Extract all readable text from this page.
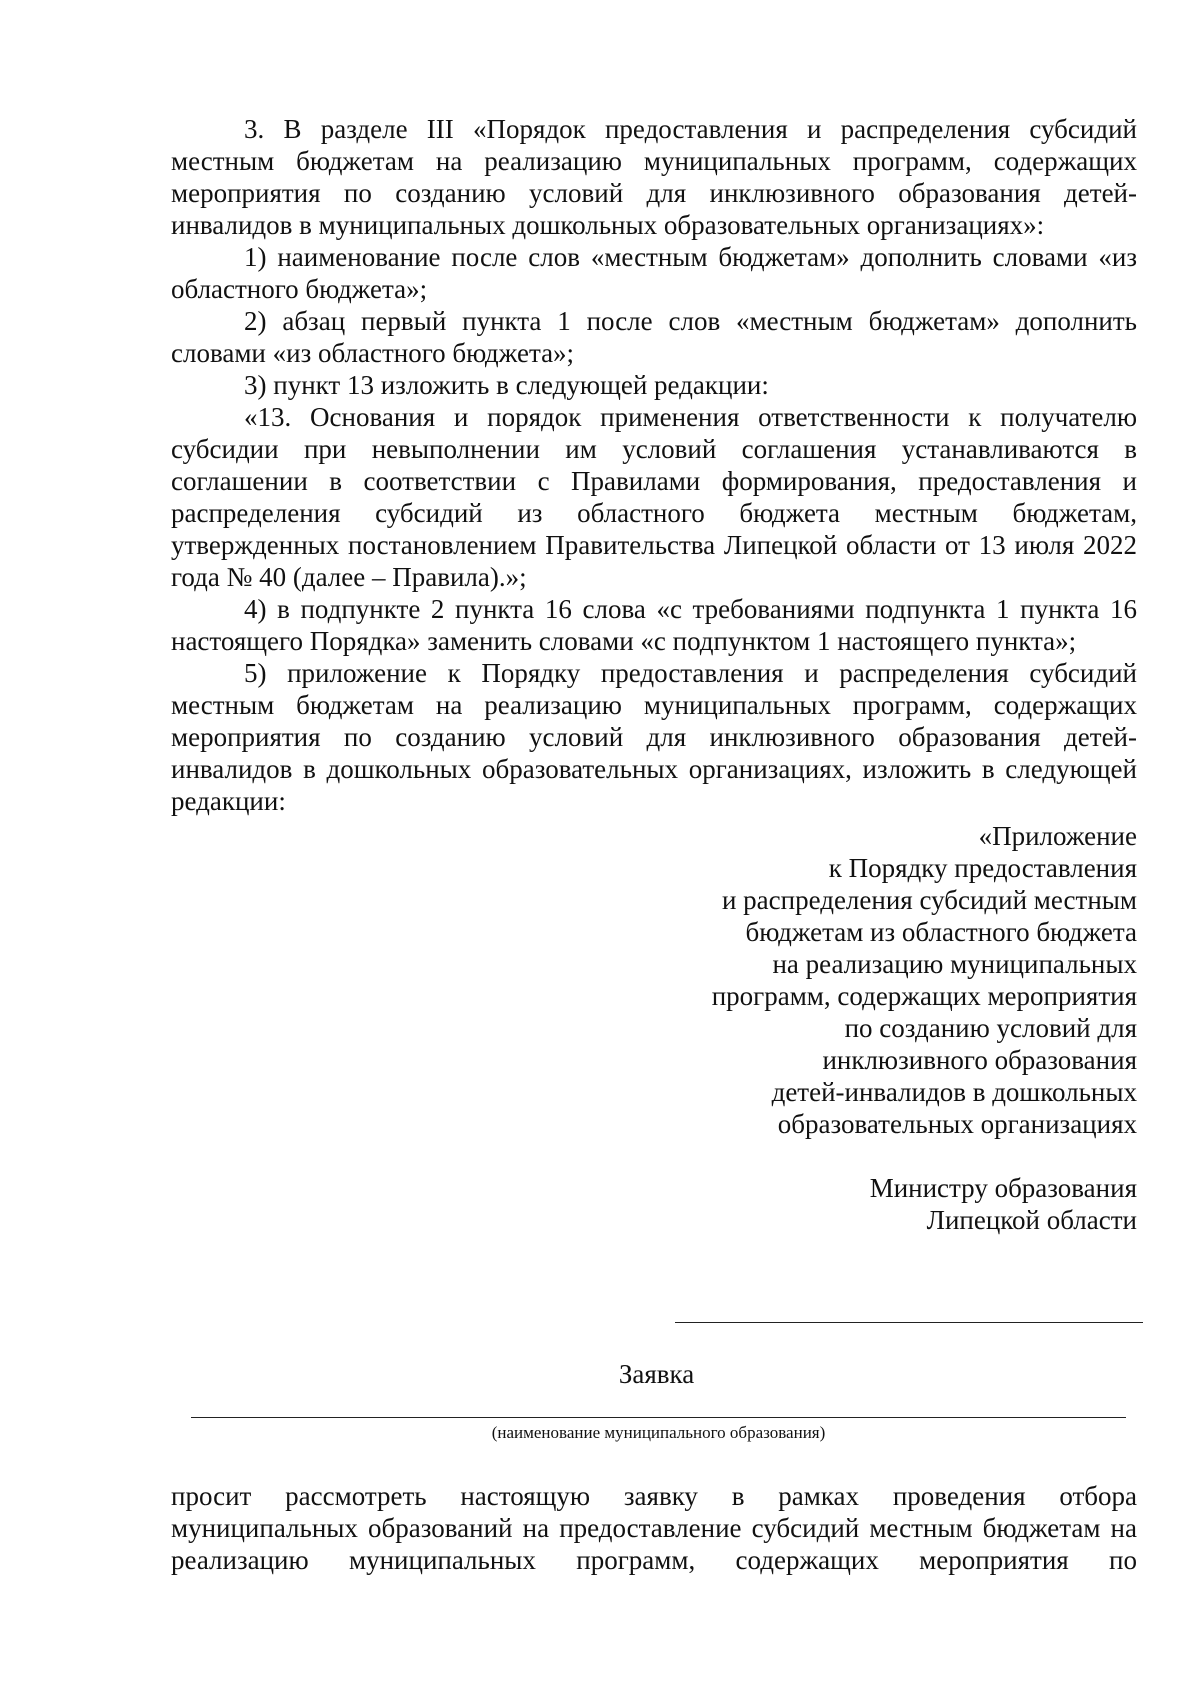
3. В разделе III «Порядок предоставления и распределения субсидий местным бюджетам на реализацию муниципальных программ, содержащих мероприятия по созданию условий для инклюзивного образования детей-инвалидов в муниципальных дошкольных образовательных организациях»:

1) наименование после слов «местным бюджетам» дополнить словами «из областного бюджета»;

2) абзац первый пункта 1 после слов «местным бюджетам» дополнить словами «из областного бюджета»;

3) пункт 13 изложить в следующей редакции:

«13. Основания и порядок применения ответственности к получателю субсидии при невыполнении им условий соглашения устанавливаются в соглашении в соответствии с Правилами формирования, предоставления и распределения субсидий из областного бюджета местным бюджетам, утвержденных постановлением Правительства Липецкой области от 13 июля 2022 года № 40 (далее – Правила).»;

4) в подпункте 2 пункта 16 слова «с требованиями подпункта 1 пункта 16 настоящего Порядка» заменить словами «с подпунктом 1 настоящего пункта»;

5) приложение к Порядку предоставления и распределения субсидий местным бюджетам на реализацию муниципальных программ, содержащих мероприятия по созданию условий для инклюзивного образования детей-инвалидов в дошкольных образовательных организациях, изложить в следующей редакции:

«Приложение

к Порядку предоставления

и распределения субсидий местным

бюджетам из областного бюджета

на реализацию муниципальных

программ, содержащих мероприятия

по созданию условий для

инклюзивного образования

детей-инвалидов в дошкольных

образовательных организациях

Министру образования

Липецкой области

Заявка
(наименование муниципального образования)

просит рассмотреть настоящую заявку в рамках проведения отбора муниципальных образований на предоставление субсидий местным бюджетам на реализацию муниципальных программ, содержащих мероприятия по
